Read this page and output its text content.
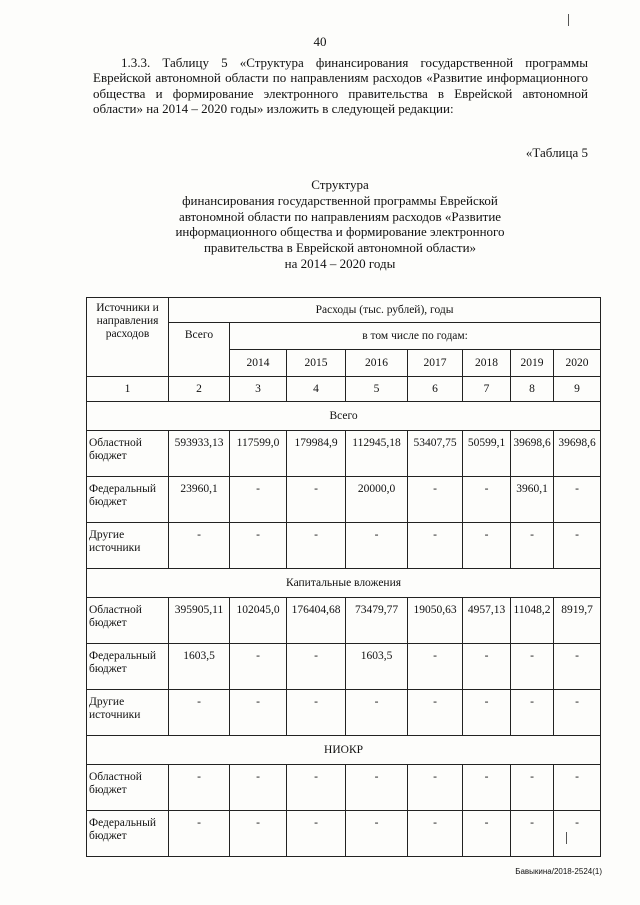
40

1.3.3. Таблицу 5 «Структура финансирования государственной программы Еврейской автономной области по направлениям расходов «Развитие информационного общества и формирование электронного правительства в Еврейской автономной области» на 2014 – 2020 годы» изложить в следующей редакции:

«Таблица 5
Структура
финансирования государственной программы Еврейской
автономной области по направлениям расходов «Развитие
информационного общества и формирование электронного
правительства в Еврейской автономной области»
на 2014 – 2020 годы
Источники и направления расходов	Расходы (тыс. рублей), годы							
	Всего	в том числе по годам:						
		2014	2015	2016	2017	2018	2019	2020
1	2	3	4	5	6	7	8	9
Всего								
Областной бюджет	593933,13	117599,0	179984,9	112945,18	53407,75	50599,1	39698,6	39698,6
Федеральный бюджет	23960,1	-	-	20000,0	-	-	3960,1	-
Другие источники	-	-	-	-	-	-	-	-
Капитальные вложения								
Областной бюджет	395905,11	102045,0	176404,68	73479,77	19050,63	4957,13	11048,2	8919,7
Федеральный бюджет	1603,5	-	-	1603,5	-	-	-	-
Другие источники	-	-	-	-	-	-	-	-
НИОКР								
Областной бюджет	-	-	-	-	-	-	-	-
Федеральный бюджет	-	-	-	-	-	-	-	-
Бавыкина/2018-2524(1)
